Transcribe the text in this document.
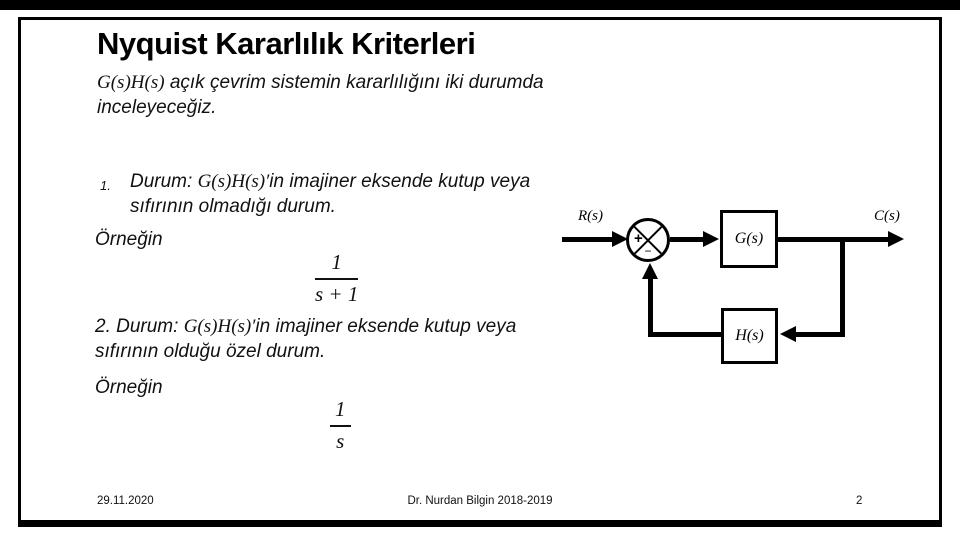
Nyquist Kararlılık Kriterleri
G(s)H(s) açık çevrim sistemin kararlılığını iki durumda
inceleyeceğiz.
1.	Durum: G(s)H(s)′in imajiner eksende kutup veya
sıfırının olmadığı durum.
Örneğin
$\frac{1}{s + 1}$
2. Durum: G(s)H(s)′in imajiner eksende kutup veya
sıfırının olduğu özel durum.
Örneğin
$\frac{1}{s}$
R(s)	C(s)
+
−
G(s)
H(s)
29.11.2020	Dr. Nurdan Bilgin 2018-2019	2
